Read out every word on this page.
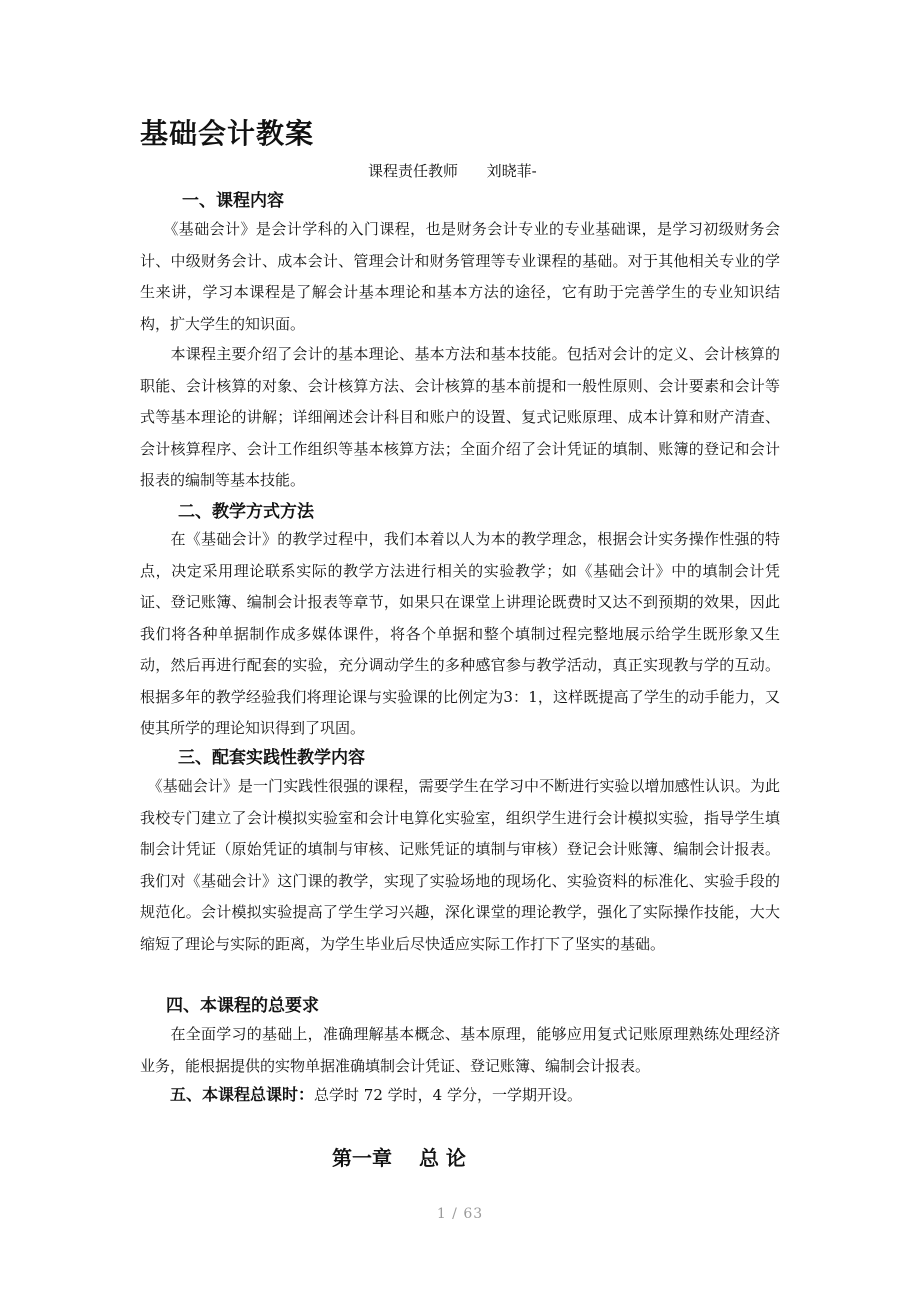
基础会计教案
课程责任教师      刘晓菲-
一、课程内容

　　《基础会计》是会计学科的入门课程，也是财务会计专业的专业基础课，是学习初级财务会计、中级财务会计、成本会计、管理会计和财务管理等专业课程的基础。对于其他相关专业的学生来讲，学习本课程是了解会计基本理论和基本方法的途径，它有助于完善学生的专业知识结构，扩大学生的知识面。

　　本课程主要介绍了会计的基本理论、基本方法和基本技能。包括对会计的定义、会计核算的职能、会计核算的对象、会计核算方法、会计核算的基本前提和一般性原则、会计要素和会计等式等基本理论的讲解；详细阐述会计科目和账户的设置、复式记账原理、成本计算和财产清查、会计核算程序、会计工作组织等基本核算方法；全面介绍了会计凭证的填制、账簿的登记和会计报表的编制等基本技能。

二、教学方式方法

　　在《基础会计》的教学过程中，我们本着以人为本的教学理念，根据会计实务操作性强的特点，决定采用理论联系实际的教学方法进行相关的实验教学；如《基础会计》中的填制会计凭证、登记账簿、编制会计报表等章节，如果只在课堂上讲理论既费时又达不到预期的效果，因此我们将各种单据制作成多媒体课件，将各个单据和整个填制过程完整地展示给学生既形象又生动，然后再进行配套的实验，充分调动学生的多种感官参与教学活动，真正实现教与学的互动。根据多年的教学经验我们将理论课与实验课的比例定为3：1，这样既提高了学生的动手能力，又使其所学的理论知识得到了巩固。

三、配套实践性教学内容

　《基础会计》是一门实践性很强的课程，需要学生在学习中不断进行实验以增加感性认识。为此我校专门建立了会计模拟实验室和会计电算化实验室，组织学生进行会计模拟实验，指导学生填制会计凭证（原始凭证的填制与审核、记账凭证的填制与审核）登记会计账簿、编制会计报表。我们对《基础会计》这门课的教学，实现了实验场地的现场化、实验资料的标准化、实验手段的规范化。会计模拟实验提高了学生学习兴趣，深化课堂的理论教学，强化了实际操作技能，大大缩短了理论与实际的距离，为学生毕业后尽快适应实际工作打下了坚实的基础。

四、本课程的总要求

　　在全面学习的基础上，准确理解基本概念、基本原理，能够应用复式记账原理熟练处理经济业务，能根据提供的实物单据准确填制会计凭证、登记账簿、编制会计报表。

五、本课程总课时：总学时 72 学时，4 学分，一学期开设。
第一章　 总 论
1 / 63
